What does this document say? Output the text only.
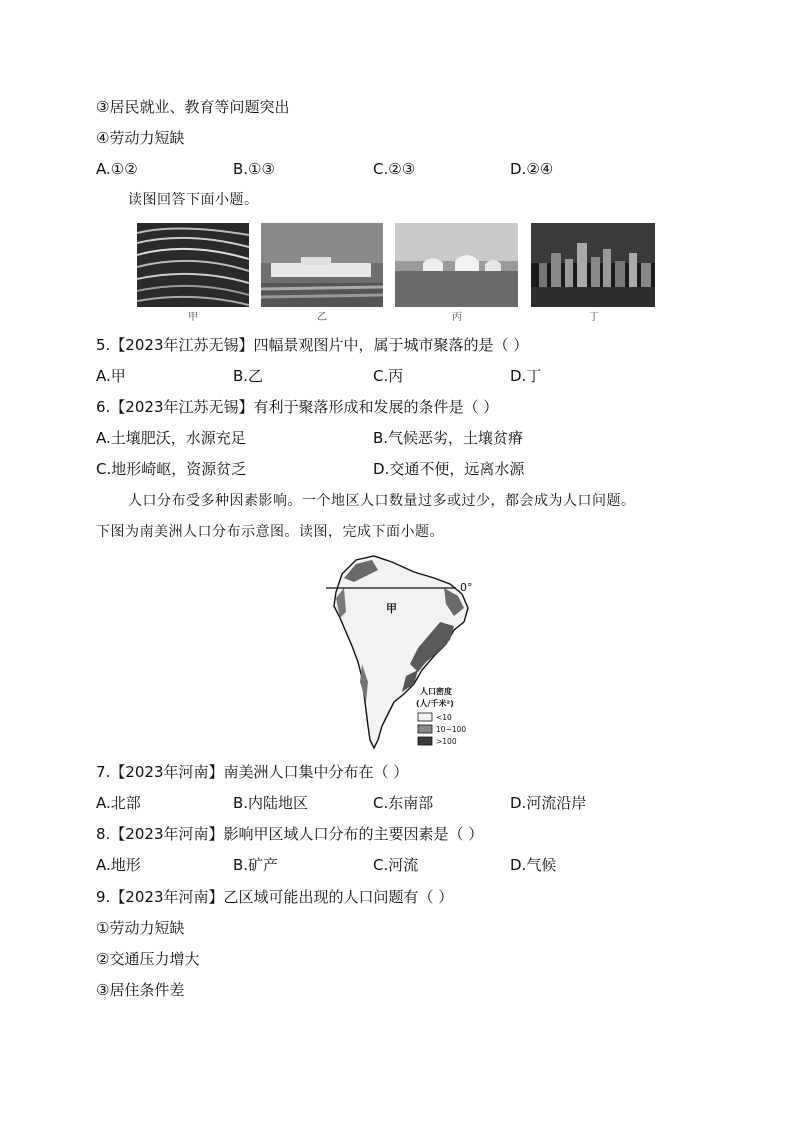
③居民就业、教育等问题突出
④劳动力短缺
A.①②	B.①③	C.②③	D.②④
读图回答下面小题。
甲	乙	丙	丁
5.【2023年江苏无锡】四幅景观图片中，属于城市聚落的是（ ）
A.甲	B.乙	C.丙	D.丁
6.【2023年江苏无锡】有利于聚落形成和发展的条件是（ ）
A.土壤肥沃，水源充足	B.气候恶劣，土壤贫瘠
C.地形崎岖，资源贫乏	D.交通不便，远离水源
人口分布受多种因素影响。一个地区人口数量过多或过少，都会成为人口问题。
下图为南美洲人口分布示意图。读图，完成下面小题。
0°
甲
人口密度
(人/千米²)
<10
10~100
>100
7.【2023年河南】南美洲人口集中分布在（ ）
A.北部	B.内陆地区	C.东南部	D.河流沿岸
8.【2023年河南】影响甲区域人口分布的主要因素是（ ）
A.地形	B.矿产	C.河流	D.气候
9.【2023年河南】乙区域可能出现的人口问题有（ ）
①劳动力短缺
②交通压力增大
③居住条件差
